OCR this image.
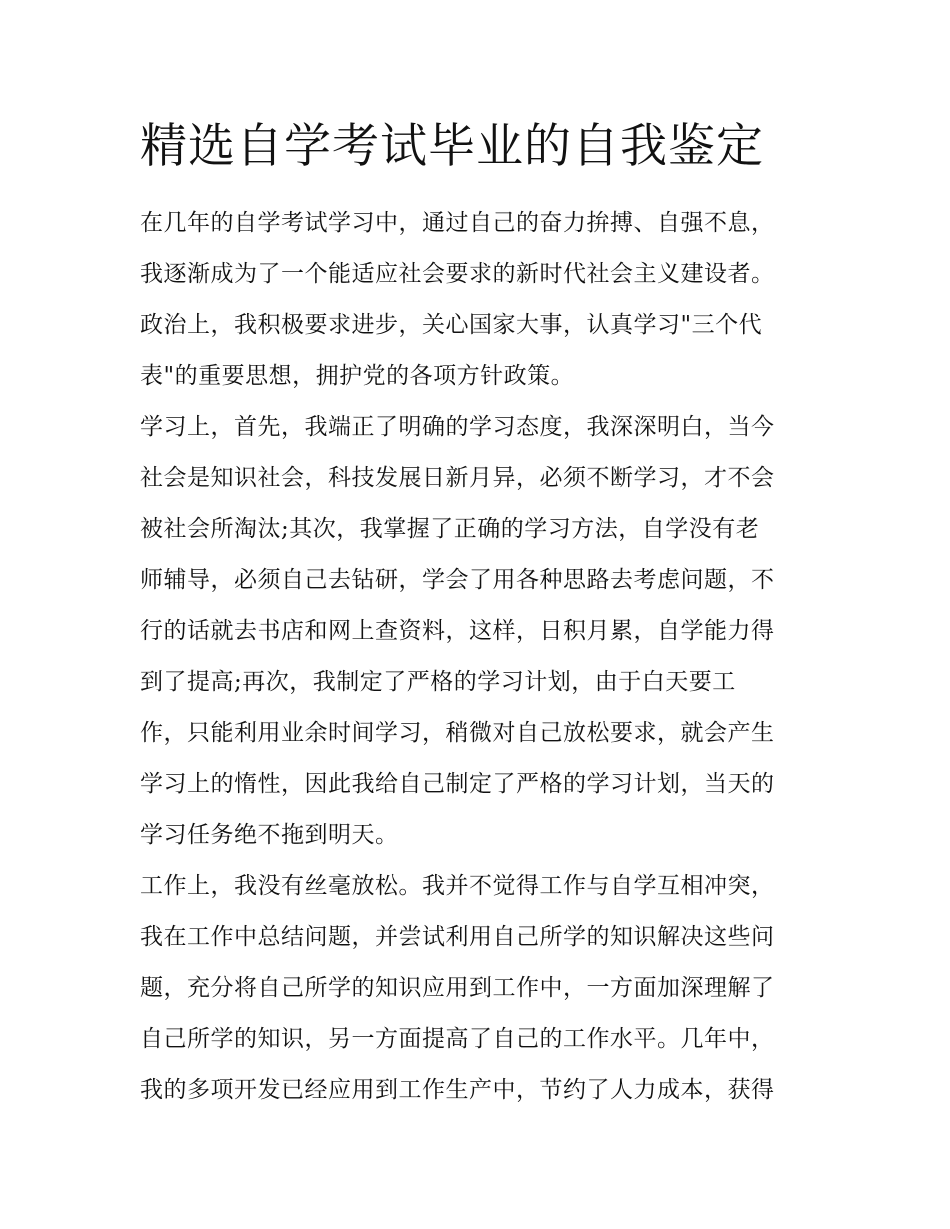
精选自学考试毕业的自我鉴定
在几年的自学考试学习中，通过自己的奋力拚搏、自强不息，
我逐渐成为了一个能适应社会要求的新时代社会主义建设者。
政治上，我积极要求进步，关心国家大事，认真学习"三个代
表"的重要思想，拥护党的各项方针政策。
学习上，首先，我端正了明确的学习态度，我深深明白，当今
社会是知识社会，科技发展日新月异，必须不断学习，才不会
被社会所淘汰;其次，我掌握了正确的学习方法，自学没有老
师辅导，必须自己去钻研，学会了用各种思路去考虑问题，不
行的话就去书店和网上查资料，这样，日积月累，自学能力得
到了提高;再次，我制定了严格的学习计划，由于白天要工
作，只能利用业余时间学习，稍微对自己放松要求，就会产生
学习上的惰性，因此我给自己制定了严格的学习计划，当天的
学习任务绝不拖到明天。
工作上，我没有丝毫放松。我并不觉得工作与自学互相冲突，
我在工作中总结问题，并尝试利用自己所学的知识解决这些问
题，充分将自己所学的知识应用到工作中，一方面加深理解了
自己所学的知识，另一方面提高了自己的工作水平。几年中，
我的多项开发已经应用到工作生产中，节约了人力成本，获得
